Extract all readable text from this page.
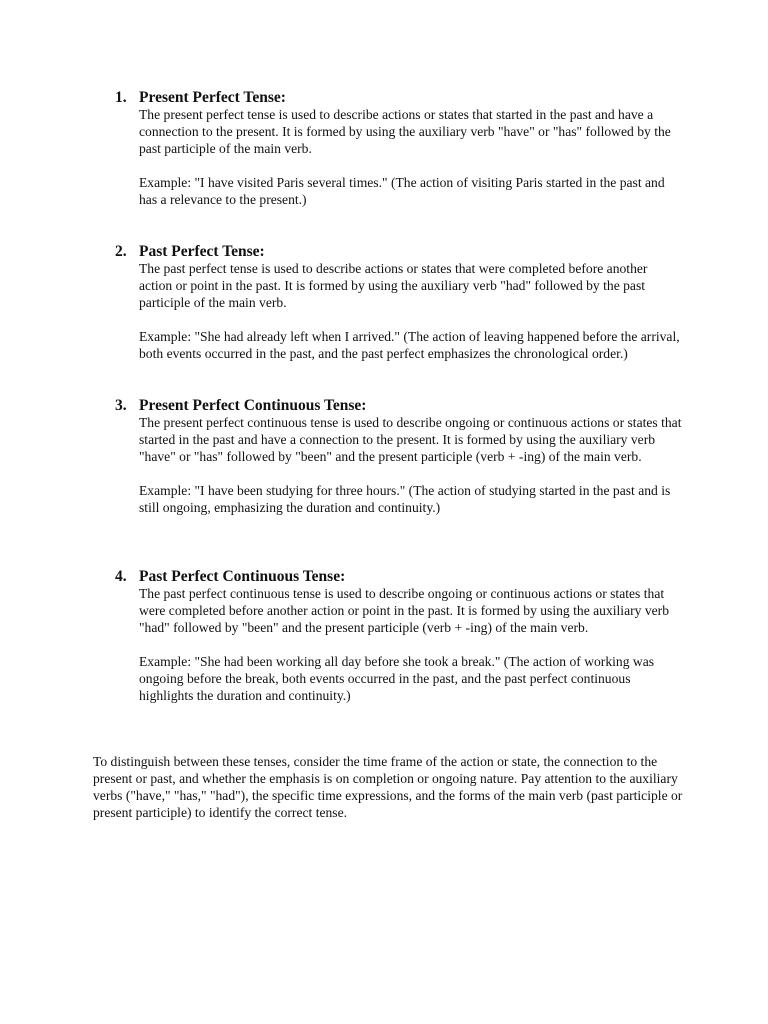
1. Present Perfect Tense:

The present perfect tense is used to describe actions or states that started in the past and have a connection to the present. It is formed by using the auxiliary verb "have" or "has" followed by the past participle of the main verb.

Example: "I have visited Paris several times." (The action of visiting Paris started in the past and has a relevance to the present.)

2. Past Perfect Tense:

The past perfect tense is used to describe actions or states that were completed before another action or point in the past. It is formed by using the auxiliary verb "had" followed by the past participle of the main verb.

Example: "She had already left when I arrived." (The action of leaving happened before the arrival, both events occurred in the past, and the past perfect emphasizes the chronological order.)

3. Present Perfect Continuous Tense:

The present perfect continuous tense is used to describe ongoing or continuous actions or states that started in the past and have a connection to the present. It is formed by using the auxiliary verb "have" or "has" followed by "been" and the present participle (verb + -ing) of the main verb.

Example: "I have been studying for three hours." (The action of studying started in the past and is still ongoing, emphasizing the duration and continuity.)

4. Past Perfect Continuous Tense:

The past perfect continuous tense is used to describe ongoing or continuous actions or states that were completed before another action or point in the past. It is formed by using the auxiliary verb "had" followed by "been" and the present participle (verb + -ing) of the main verb.

Example: "She had been working all day before she took a break." (The action of working was ongoing before the break, both events occurred in the past, and the past perfect continuous highlights the duration and continuity.)

To distinguish between these tenses, consider the time frame of the action or state, the connection to the present or past, and whether the emphasis is on completion or ongoing nature. Pay attention to the auxiliary verbs ("have," "has," "had"), the specific time expressions, and the forms of the main verb (past participle or present participle) to identify the correct tense.
